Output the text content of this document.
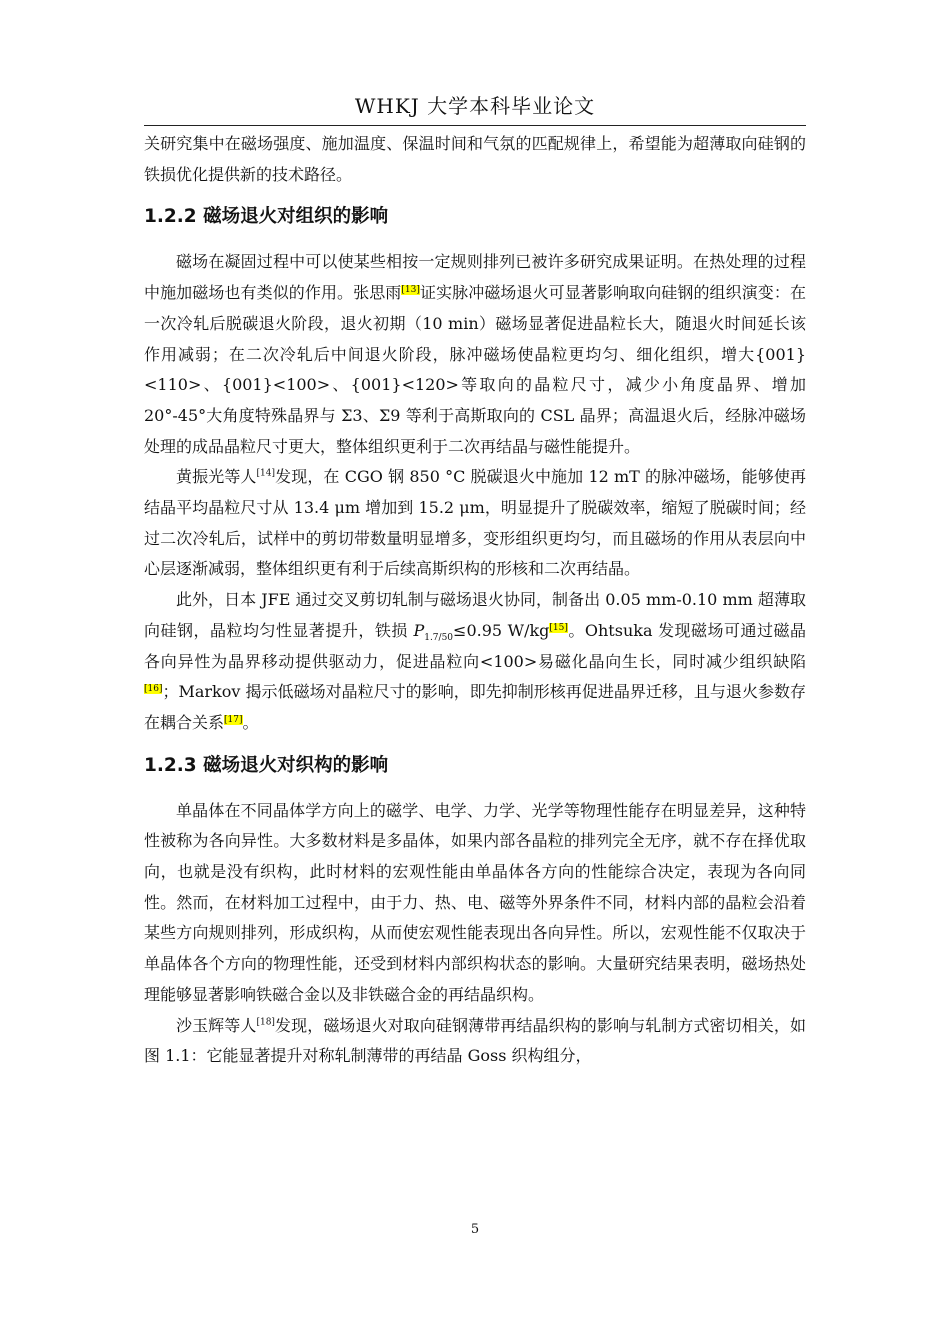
WHKJ 大学本科毕业论文

关研究集中在磁场强度、施加温度、保温时间和气氛的匹配规律上，希望能为超薄取向硅钢的铁损优化提供新的技术路径。

1.2.2 磁场退火对组织的影响

磁场在凝固过程中可以使某些相按一定规则排列已被许多研究成果证明。在热处理的过程中施加磁场也有类似的作用。张思雨[13]证实脉冲磁场退火可显著影响取向硅钢的组织演变：在一次冷轧后脱碳退火阶段，退火初期（10 min）磁场显著促进晶粒长大，随退火时间延长该作用减弱；在二次冷轧后中间退火阶段，脉冲磁场使晶粒更均匀、细化组织，增大{001}<110>、{001}<100>、{001}<120>等取向的晶粒尺寸，减少小角度晶界、增加 20°-45°大角度特殊晶界与 Σ3、Σ9 等利于高斯取向的 CSL 晶界；高温退火后，经脉冲磁场处理的成品晶粒尺寸更大，整体组织更利于二次再结晶与磁性能提升。

黄振光等人[14]发现，在 CGO 钢 850 °C 脱碳退火中施加 12 mT 的脉冲磁场，能够使再结晶平均晶粒尺寸从 13.4 μm 增加到 15.2 μm，明显提升了脱碳效率，缩短了脱碳时间；经过二次冷轧后，试样中的剪切带数量明显增多，变形组织更均匀，而且磁场的作用从表层向中心层逐渐减弱，整体组织更有利于后续高斯织构的形核和二次再结晶。

此外，日本 JFE 通过交叉剪切轧制与磁场退火协同，制备出 0.05 mm-0.10 mm 超薄取向硅钢，晶粒均匀性显著提升，铁损 $P_{1.7/50}\le 0.95$ W/kg[15]。Ohtsuka 发现磁场可通过磁晶各向异性为晶界移动提供驱动力，促进晶粒向<100>易磁化晶向生长，同时减少组织缺陷[16]；Markov 揭示低磁场对晶粒尺寸的影响，即先抑制形核再促进晶界迁移，且与退火参数存在耦合关系[17]。

1.2.3 磁场退火对织构的影响

单晶体在不同晶体学方向上的磁学、电学、力学、光学等物理性能存在明显差异，这种特性被称为各向异性。大多数材料是多晶体，如果内部各晶粒的排列完全无序，就不存在择优取向，也就是没有织构，此时材料的宏观性能由单晶体各方向的性能综合决定，表现为各向同性。然而，在材料加工过程中，由于力、热、电、磁等外界条件不同，材料内部的晶粒会沿着某些方向规则排列，形成织构，从而使宏观性能表现出各向异性。所以，宏观性能不仅取决于单晶体各个方向的物理性能，还受到材料内部织构状态的影响。大量研究结果表明，磁场热处理能够显著影响铁磁合金以及非铁磁合金的再结晶织构。

沙玉辉等人[18]发现，磁场退火对取向硅钢薄带再结晶织构的影响与轧制方式密切相关，如图 1.1：它能显著提升对称轧制薄带的再结晶 Goss 织构组分，

5
